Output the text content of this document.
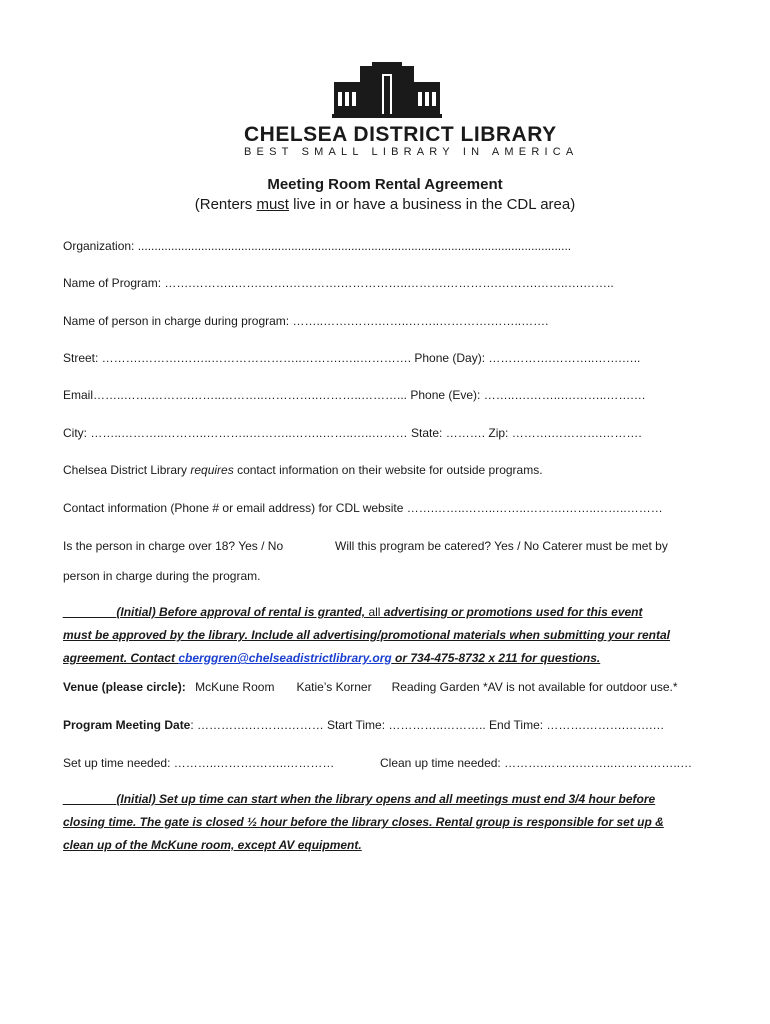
CHELSEA DISTRICT LIBRARY
BEST SMALL LIBRARY IN AMERICA
Meeting Room Rental Agreement
(Renters must live in or have a business in the CDL area)
Organization: ..................................................................................................................................
Name of Program: …….………..…….…….………….……………..……….………….……….……..….……..
Name of person in charge during program: ……..…….…….……..……..………….……..…….
Street: ……….……….……..…………………..……….…..…………. Phone (Day): …………….………..…….…..
Email……..…….……….……..………..…………..………..………... Phone (Eve): ……..….……..….……..…….…
City: ……..………..………..………..………..……..……..…..……… State: ………. Zip: ……….………….……….
Chelsea District Library requires contact information on their website for outside programs.
Contact information (Phone # or email address) for CDL website …….……..……..……..……….……..……..………
Is the person in charge over 18? Yes / No	Will this program be catered? Yes / No Caterer must be met by
person in charge during the program.
________(Initial) Before approval of rental is granted, all advertising or promotions used for this event
must be approved by the library. Include all advertising/promotional materials when submitting your rental
agreement. Contact cberggren@chelseadistrictlibrary.org or 734-475-8732 x 211 for questions.
Venue (please circle): McKune Room Katie’s Korner Reading Garden *AV is not available for outdoor use.*
Program Meeting Date: ………….……….……… Start Time: …………..……….. End Time: ……….……….…….…
Set up time needed: ………..……….……..…………	Clean up time needed: ……….……….……..……………..…
________(Initial) Set up time can start when the library opens and all meetings must end 3/4 hour before
closing time. The gate is closed ½ hour before the library closes. Rental group is responsible for set up &
clean up of the McKune room, except AV equipment.
